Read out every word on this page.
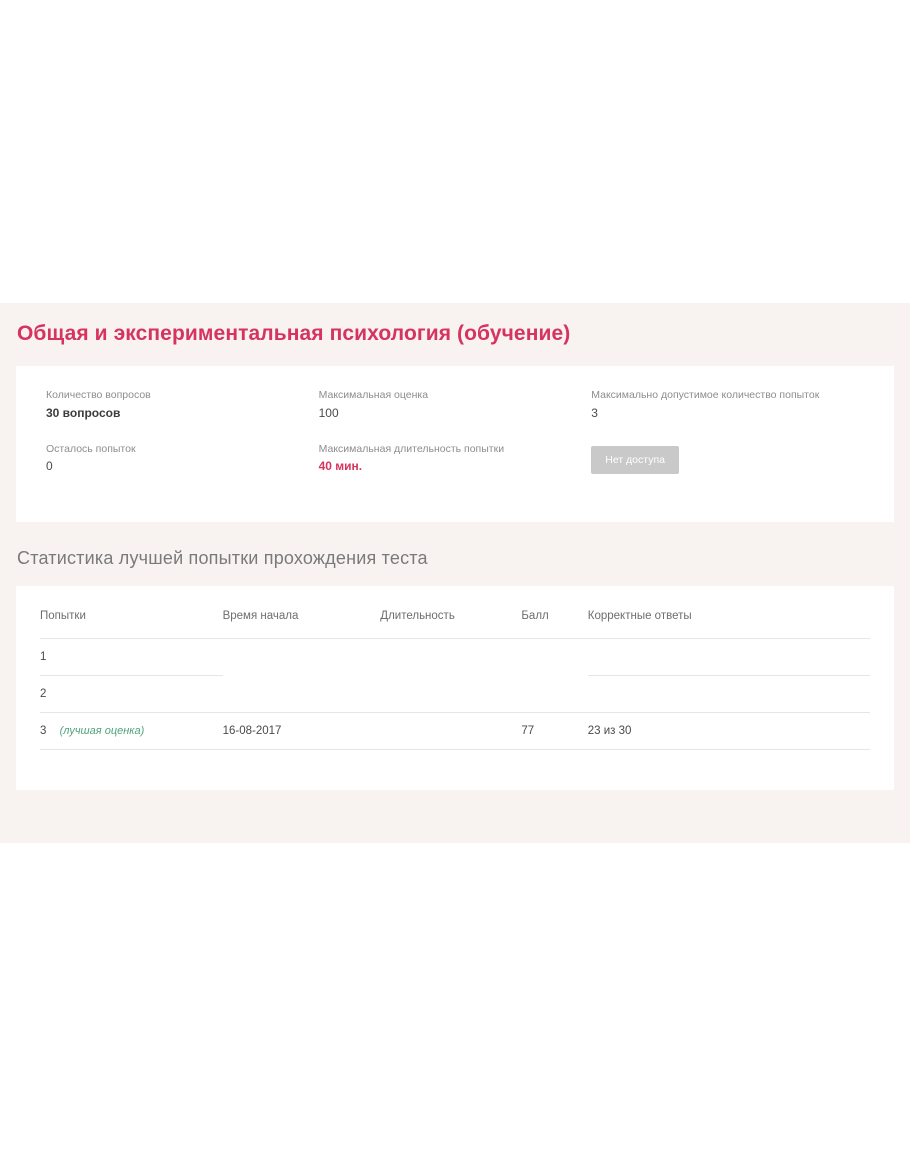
Общая и экспериментальная психология (обучение)
Количество вопросов
30 вопросов
Осталось попыток
0
Максимальная оценка
100
Максимальная длительность попытки
40 мин.
Максимально допустимое количество попыток
3
Нет доступа
Статистика лучшей попытки прохождения теста
Попытки	Время начала	Длительность	Балл	Корректные ответы
1				
2				
3 (лучшая оценка)	16-08-2017		77	23 из 30
